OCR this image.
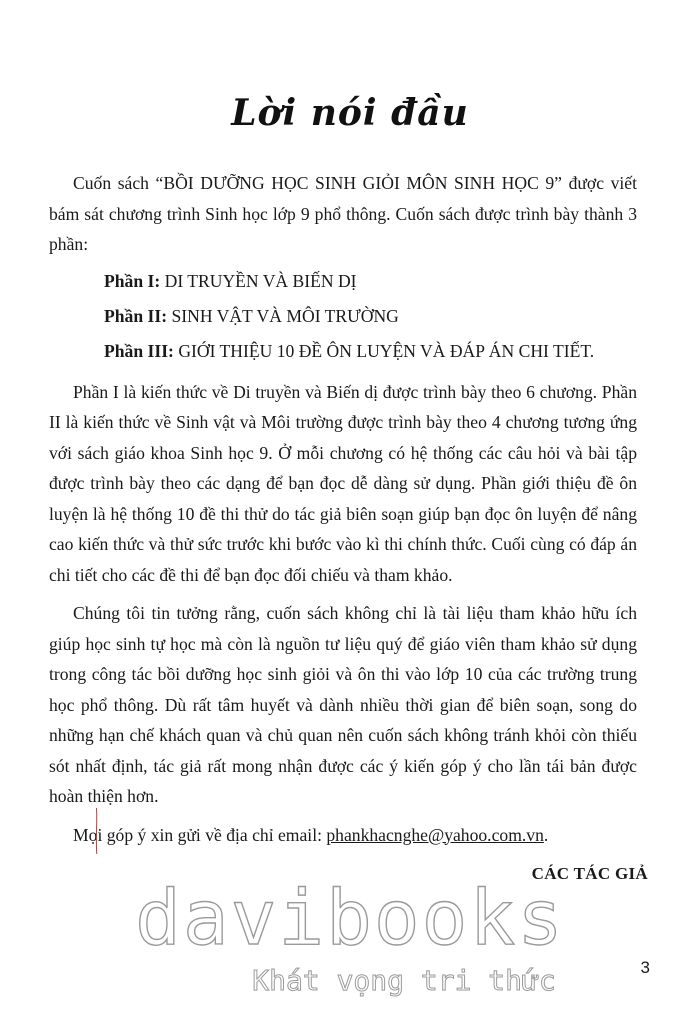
Lời nói đầu

Cuốn sách “BỒI DƯỠNG HỌC SINH GIỎI MÔN SINH HỌC 9” được viết bám sát chương trình Sinh học lớp 9 phổ thông. Cuốn sách được trình bày thành 3 phần:

Phần I: DI TRUYỀN VÀ BIẾN DỊ

Phần II: SINH VẬT VÀ MÔI TRƯỜNG

Phần III: GIỚI THIỆU 10 ĐỀ ÔN LUYỆN VÀ ĐÁP ÁN CHI TIẾT.

Phần I là kiến thức về Di truyền và Biến dị được trình bày theo 6 chương. Phần II là kiến thức về Sinh vật và Môi trường được trình bày theo 4 chương tương ứng với sách giáo khoa Sinh học 9. Ở mỗi chương có hệ thống các câu hỏi và bài tập được trình bày theo các dạng để bạn đọc dễ dàng sử dụng. Phần giới thiệu đề ôn luyện là hệ thống 10 đề thi thử do tác giả biên soạn giúp bạn đọc ôn luyện để nâng cao kiến thức và thử sức trước khi bước vào kì thi chính thức. Cuối cùng có đáp án chi tiết cho các đề thi để bạn đọc đối chiếu và tham khảo.

Chúng tôi tin tưởng rằng, cuốn sách không chỉ là tài liệu tham khảo hữu ích giúp học sinh tự học mà còn là nguồn tư liệu quý để giáo viên tham khảo sử dụng trong công tác bồi dưỡng học sinh giỏi và ôn thi vào lớp 10 của các trường trung học phổ thông. Dù rất tâm huyết và dành nhiều thời gian để biên soạn, song do những hạn chế khách quan và chủ quan nên cuốn sách không tránh khỏi còn thiếu sót nhất định, tác giả rất mong nhận được các ý kiến góp ý cho lần tái bản được hoàn thiện hơn.

Mọi góp ý xin gửi về địa chỉ email: phankhacnghe@yahoo.com.vn.

CÁC TÁC GIẢ
davibooks
Khát vọng tri thức	3
